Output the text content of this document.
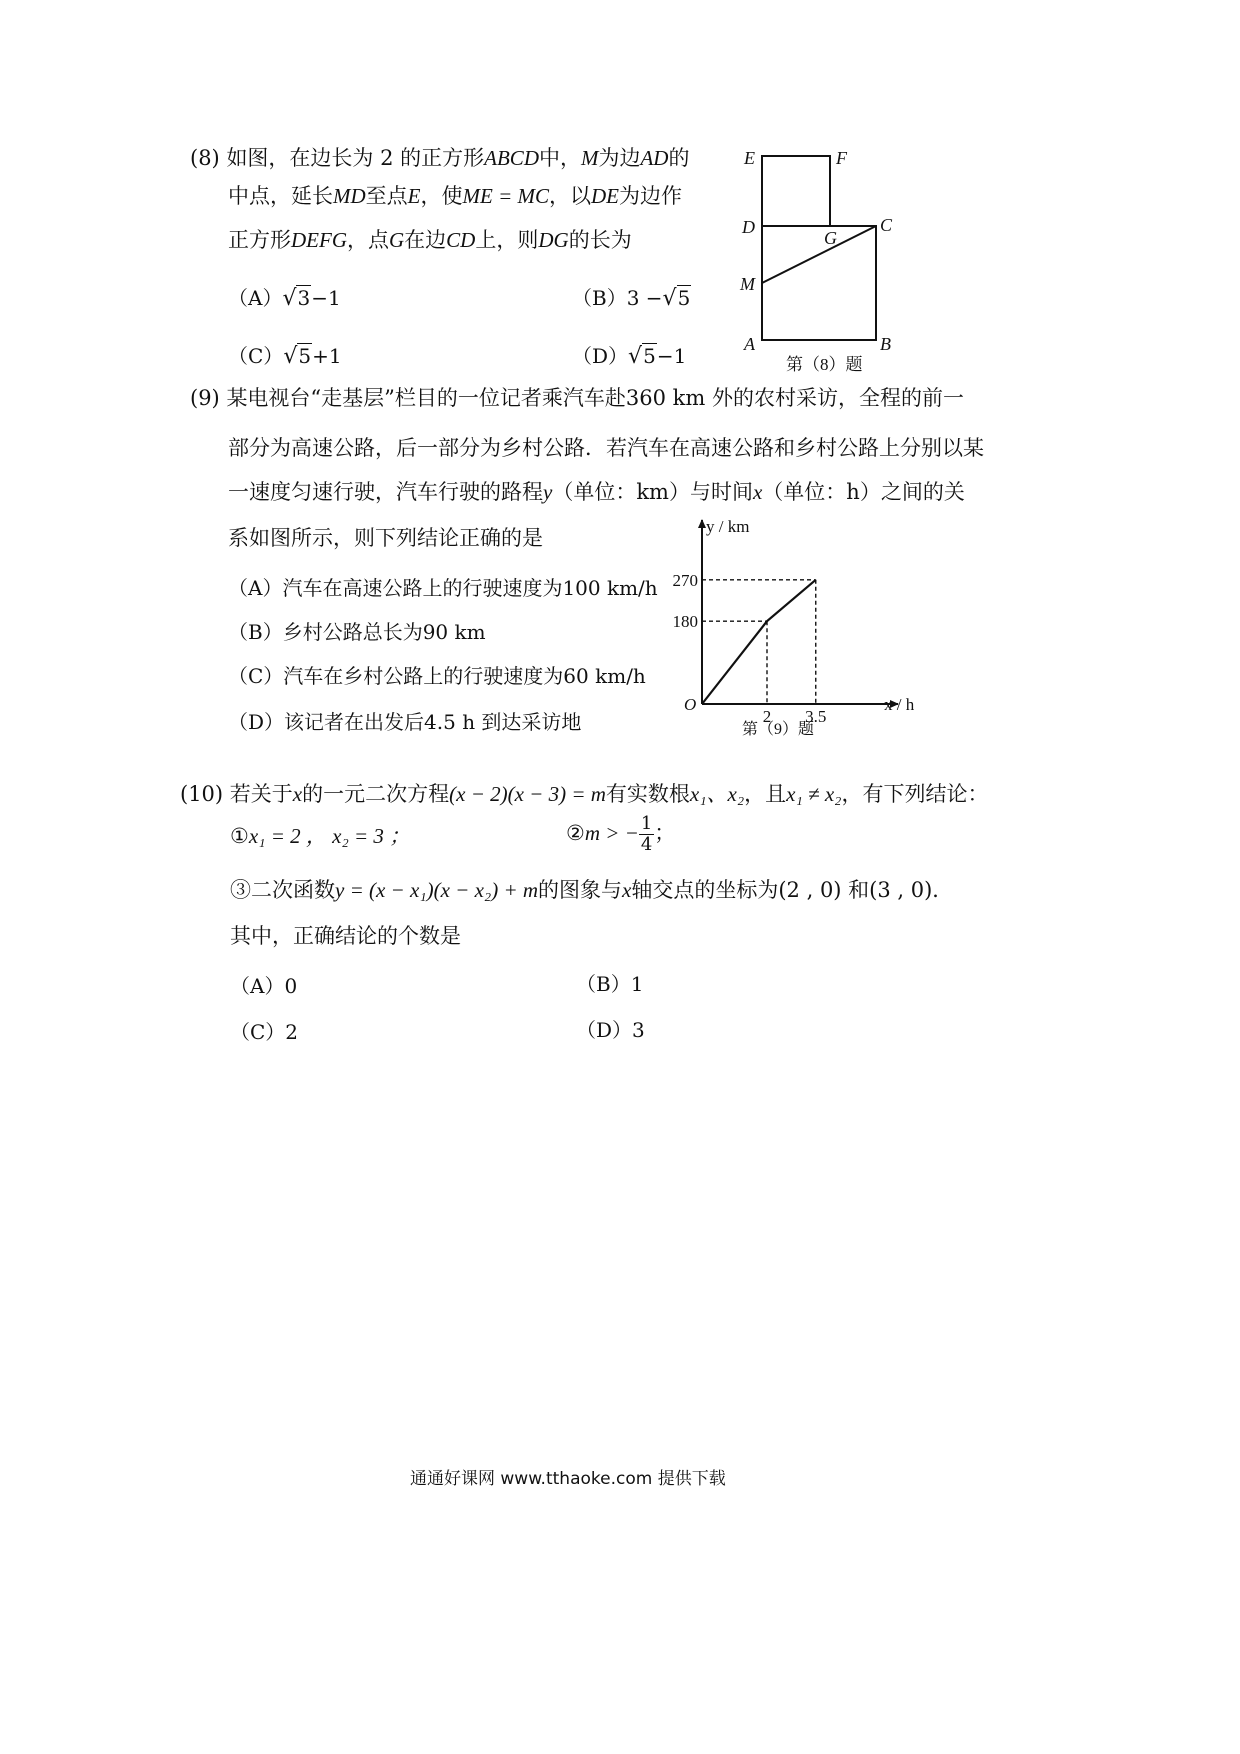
(8) 如图，在边长为 2 的正方形ABCD中，M为边AD的
中点，延长MD至点E，使ME = MC，以DE为边作
正方形DEFG，点G在边CD上，则DG的长为
（A）√3−1	（B）3 −√5
（C）√5+1	（D）√5−1
E	F
D	C
G
M
A	B
第（8）题
(9) 某电视台“走基层”栏目的一位记者乘汽车赴360 km 外的农村采访，全程的前一
部分为高速公路，后一部分为乡村公路．若汽车在高速公路和乡村公路上分别以某
一速度匀速行驶，汽车行驶的路程y（单位：km）与时间x（单位：h）之间的关
系如图所示，则下列结论正确的是
（A）汽车在高速公路上的行驶速度为100 km/h
（B）乡村公路总长为90 km
（C）汽车在乡村公路上的行驶速度为60 km/h
（D）该记者在出发后4.5 h 到达采访地
y / km
x / h
O
270
180
2 3.5
第（9）题
(10) 若关于x的一元二次方程(x − 2)(x − 3) = m有实数根x₁、x₂，且x₁ ≠ x₂，有下列结论：
①x₁ = 2 ， x₂ = 3 ；	②m > − $\frac{1}{4}$ ；
③二次函数y = (x − x₁)(x − x₂) + m的图象与x轴交点的坐标为(2 , 0) 和(3 , 0)．
其中，正确结论的个数是
（A）0	（B）1
（C）2	（D）3
通通好课网 www.tthaoke.com 提供下载
